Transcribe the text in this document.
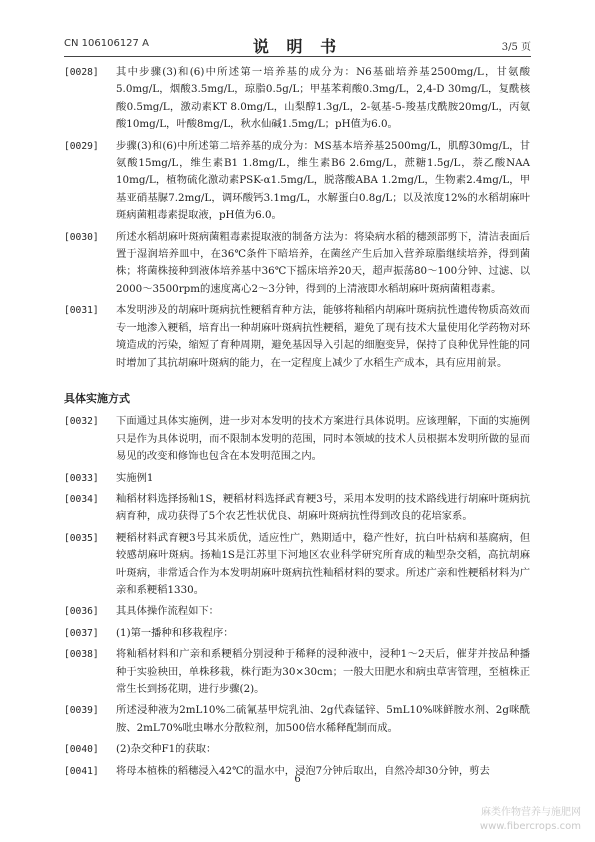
CN 106106127 A	说 明 书	3/5 页
[0028] 其中步骤(3)和(6)中所述第一培养基的成分为：N6基础培养基2500mg/L，甘氨酸5.0mg/L，烟酸3.5mg/L，琼脂0.5g/L；甲基苯莉酸0.3mg/L，2,4-D 30mg/L，复酰核酸0.5mg/L，激动素KT 8.0mg/L，山梨醇1.3g/L，2-氨基-5-羧基戊酰胺20mg/L，丙氨酸10mg/L，叶酸8mg/L，秋水仙碱1.5mg/L；pH值为6.0。
[0029] 步骤(3)和(6)中所述第二培养基的成分为：MS基本培养基2500mg/L，肌醇30mg/L，甘氨酸15mg/L，维生素B1 1.8mg/L，维生素B6 2.6mg/L，蔗糖1.5g/L，萘乙酸NAA 10mg/L，植物硫化激动素PSK-α1.5mg/L，脱落酸ABA 1.2mg/L，生物素2.4mg/L，甲基亚硝基脲7.2mg/L，调环酸钙3.1mg/L，水解蛋白0.8g/L；以及浓度12%的水稻胡麻叶斑病菌粗毒素提取液，pH值为6.0。
[0030] 所述水稻胡麻叶斑病菌粗毒素提取液的制备方法为：将染病水稻的穗颈部剪下，清洁表面后置于湿润培养皿中，在36℃条件下暗培养，在菌丝产生后加入营养琼脂继续培养，得到菌株；将菌株接种到液体培养基中36℃下摇床培养20天，超声振荡80～100分钟、过滤、以2000～3500rpm的速度离心2～3分钟，得到的上清液即水稻胡麻叶斑病菌粗毒素。
[0031] 本发明涉及的胡麻叶斑病抗性粳稻育种方法，能够将籼稻内胡麻叶斑病抗性遗传物质高效而专一地渗入粳稻，培育出一种胡麻叶斑病抗性粳稻，避免了现有技术大量使用化学药物对环境造成的污染，缩短了育种周期，避免基因导入引起的细胞变异，保持了良种优异性能的同时增加了其抗胡麻叶斑病的能力，在一定程度上减少了水稻生产成本，具有应用前景。
具体实施方式
[0032] 下面通过具体实施例，进一步对本发明的技术方案进行具体说明。应该理解，下面的实施例只是作为具体说明，而不限制本发明的范围，同时本领域的技术人员根据本发明所做的显而易见的改变和修饰也包含在本发明范围之内。
[0033] 实施例1
[0034] 籼稻材料选择扬籼1S，粳稻材料选择武育粳3号，采用本发明的技术路线进行胡麻叶斑病抗病育种，成功获得了5个农艺性状优良、胡麻叶斑病抗性得到改良的花培家系。
[0035] 粳稻材料武育粳3号其米质优，适应性广，熟期适中，稳产性好，抗白叶枯病和基腐病，但较感胡麻叶斑病。扬籼1S是江苏里下河地区农业科学研究所育成的籼型杂交稻，高抗胡麻叶斑病，非常适合作为本发明胡麻叶斑病抗性籼稻材料的要求。所述广亲和性粳稻材料为广亲和系粳稻1330。
[0036] 其具体操作流程如下：
[0037] (1)第一播种和移栽程序：
[0038] 将籼稻材料和广亲和系粳稻分别浸种于稀释的浸种液中，浸种1～2天后，催芽并按品种播种于实验秧田，单株移栽，株行距为30×30cm；一般大田肥水和病虫草害管理，至植株正常生长到扬花期，进行步骤(2)。
[0039] 所述浸种液为2mL10%二硫氰基甲烷乳油、2g代森锰锌、5mL10%咪鲜胺水剂、2g咪酰胺、2mL70%吡虫啉水分散粒剂，加500倍水稀释配制而成。
[0040] (2)杂交种F1的获取：
[0041] 将母本植株的稻穗浸入42℃的温水中，浸泡7分钟后取出，自然冷却30分钟，剪去
6
麻类作物营养与施肥网
www.fibercrops.com
